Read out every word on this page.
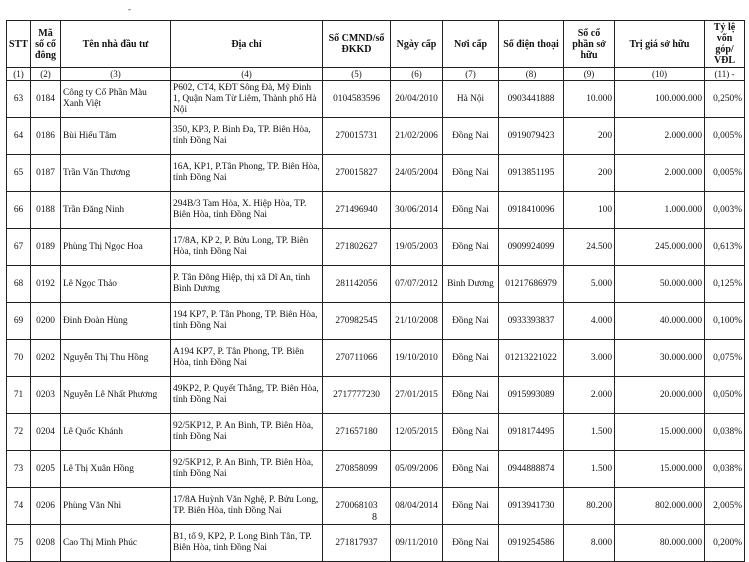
-
STT	Mã số cổ đông	Tên nhà đầu tư	Địa chỉ	Số CMND/số ĐKKD	Ngày cấp	Nơi cấp	Số điện thoại	Số cổ phần sở hữu	Trị giá sở hữu	Tỷ lệ vốn góp/ VĐL
(1)	(2)	(3)	(4)	(5)	(6)	(7)	(8)	(9)	(10)	(11) -
63	0184	Công ty Cổ Phần Màu Xanh Việt	P602, CT4, KĐT Sông Đà, Mỹ Đình 1, Quận Nam Từ Liêm, Thành phố Hà Nội	0104583596	20/04/2010	Hà Nội	0903441888	10.000	100.000.000	0,250%
64	0186	Bùi Hiếu Tâm	350, KP3, P. Bình Đa, TP. Biên Hòa, tỉnh Đồng Nai	270015731	21/02/2006	Đồng Nai	0919079423	200	2.000.000	0,005%
65	0187	Trần Văn Thương	16A, KP1, P.Tân Phong, TP. Biên Hòa, tỉnh Đồng Nai	270015827	24/05/2004	Đồng Nai	0913851195	200	2.000.000	0,005%
66	0188	Trần Đăng Ninh	294B/3 Tam Hòa, X. Hiệp Hòa, TP. Biên Hòa, tỉnh Đồng Nai	271496940	30/06/2014	Đồng Nai	0918410096	100	1.000.000	0,003%
67	0189	Phùng Thị Ngọc Hoa	17/8A, KP 2, P. Bửu Long, TP. Biên Hòa, tỉnh Đồng Nai	271802627	19/05/2003	Đồng Nai	0909924099	24.500	245.000.000	0,613%
68	0192	Lê Ngọc Thảo	P. Tân Đông Hiệp, thị xã Dĩ An, tỉnh Bình Dương	281142056	07/07/2012	Bình Dương	01217686979	5.000	50.000.000	0,125%
69	0200	Đinh Đoàn Hùng	194 KP7, P. Tân Phong, TP. Biên Hòa, tỉnh Đồng Nai	270982545	21/10/2008	Đồng Nai	0933393837	4.000	40.000.000	0,100%
70	0202	Nguyễn Thị Thu Hồng	A194 KP7, P. Tân Phong, TP. Biên Hòa, tỉnh Đồng Nai	270711066	19/10/2010	Đồng Nai	01213221022	3.000	30.000.000	0,075%
71	0203	Nguyễn Lê Nhất Phương	49KP2, P. Quyết Thắng, TP. Biên Hòa, tỉnh Đồng Nai	2717777230	27/01/2015	Đồng Nai	0915993089	2.000	20.000.000	0,050%
72	0204	Lê Quốc Khánh	92/5KP12, P. An Bình, TP. Biên Hòa, tỉnh Đồng Nai	271657180	12/05/2015	Đồng Nai	0918174495	1.500	15.000.000	0,038%
73	0205	Lê Thị Xuân Hồng	92/5KP12, P. An Bình, TP. Biên Hòa, tỉnh Đồng Nai	270858099	05/09/2006	Đồng Nai	0944888874	1.500	15.000.000	0,038%
74	0206	Phùng Văn Nhì	17/8A Huỳnh Văn Nghệ, P. Bửu Long, TP. Biên Hòa, tỉnh Đồng Nai	270068103	08/04/2014	Đồng Nai	0913941730	80.200	802.000.000	2,005%
75	0208	Cao Thị Minh Phúc	B1, tổ 9, KP2, P. Long Bình Tân, TP. Biên Hòa, tỉnh Đồng Nai	271817937	09/11/2010	Đồng Nai	0919254586	8.000	80.000.000	0,200%
8
